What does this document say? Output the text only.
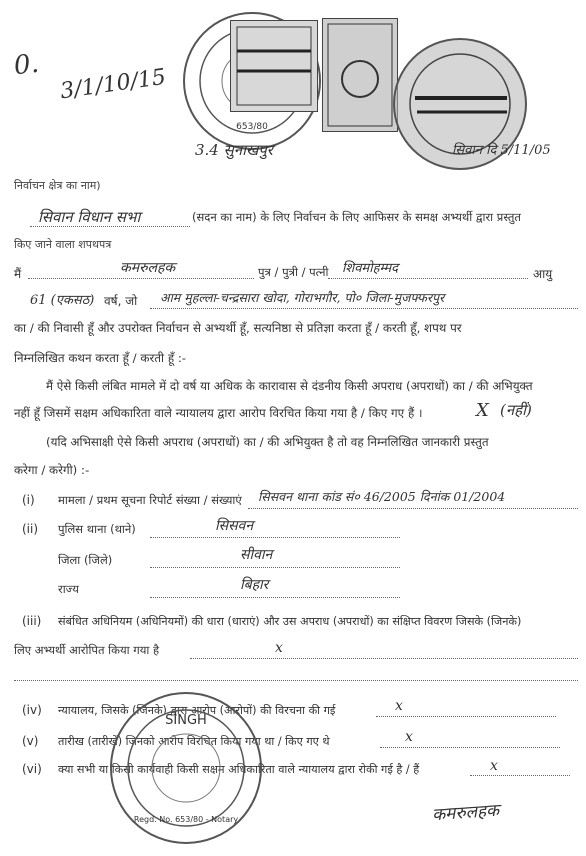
0. 3/1/10/15
653/80
3.4 सुनाखपुर	सिवान दि 5/11/05
निर्वाचन क्षेत्र का नाम)
सिवान विधान सभा	(सदन का नाम) के लिए निर्वाचन के लिए आफिसर के समक्ष अभ्यर्थी द्वारा प्रस्तुत
किए जाने वाला शपथपत्र
मैं	कमरुलहक	पुत्र / पुत्री / पत्नी शिवमोहम्मद	आयु
61 (एकसठ) वर्ष, जो आम मुहल्ला-चन्द्रसारा खोदा, गोराभगौर, पो० जिला-मुजफ्फरपुर
का / की निवासी हूँ और उपरोक्त निर्वाचन से अभ्यर्थी हूँ, सत्यनिष्ठा से प्रतिज्ञा करता हूँ / करती हूँ, शपथ पर
निम्नलिखित कथन करता हूँ / करती हूँ :-
मैं ऐसे किसी लंबित मामले में दो वर्ष या अधिक के कारावास से दंडनीय किसी अपराध (अपराधों) का / की अभियुक्त
नहीं हूँ जिसमें सक्षम अधिकारिता वाले न्यायालय द्वारा आरोप विरचित किया गया है / किए गए हैं ।	X (नहीं)
(यदि अभिसाक्षी ऐसे किसी अपराध (अपराधों) का / की अभियुक्त है तो वह निम्नलिखित जानकारी प्रस्तुत
करेगा / करेगी) :-
(i) मामला / प्रथम सूचना रिपोर्ट संख्या / संख्याएं सिसवन थाना कांड सं० 46/2005 दिनांक 01/2004
(ii) पुलिस थाना (थाने)	सिसवन
जिला (जिले)	सीवान
राज्य	बिहार
(iii) संबंधित अधिनियम (अधिनियमों) की धारा (धाराएं) और उस अपराध (अपराधों) का संक्षिप्त विवरण जिसके (जिनके)
लिए अभ्यर्थी आरोपित किया गया है	x
(iv) न्यायालय, जिसके (जिनके) द्वारा आरोप (आरोपों) की विरचना की गई	x
(v) तारीख (तारीखें) जिनको आरोप विरचित किया गया था / किए गए थे	x
(vi) क्या सभी या किसी कार्यवाही किसी सक्षम अधिकारिता वाले न्यायालय द्वारा रोकी गई है / हैं	x
SINGH
Regd. No. 653/80 - Notary	कमरुलहक
